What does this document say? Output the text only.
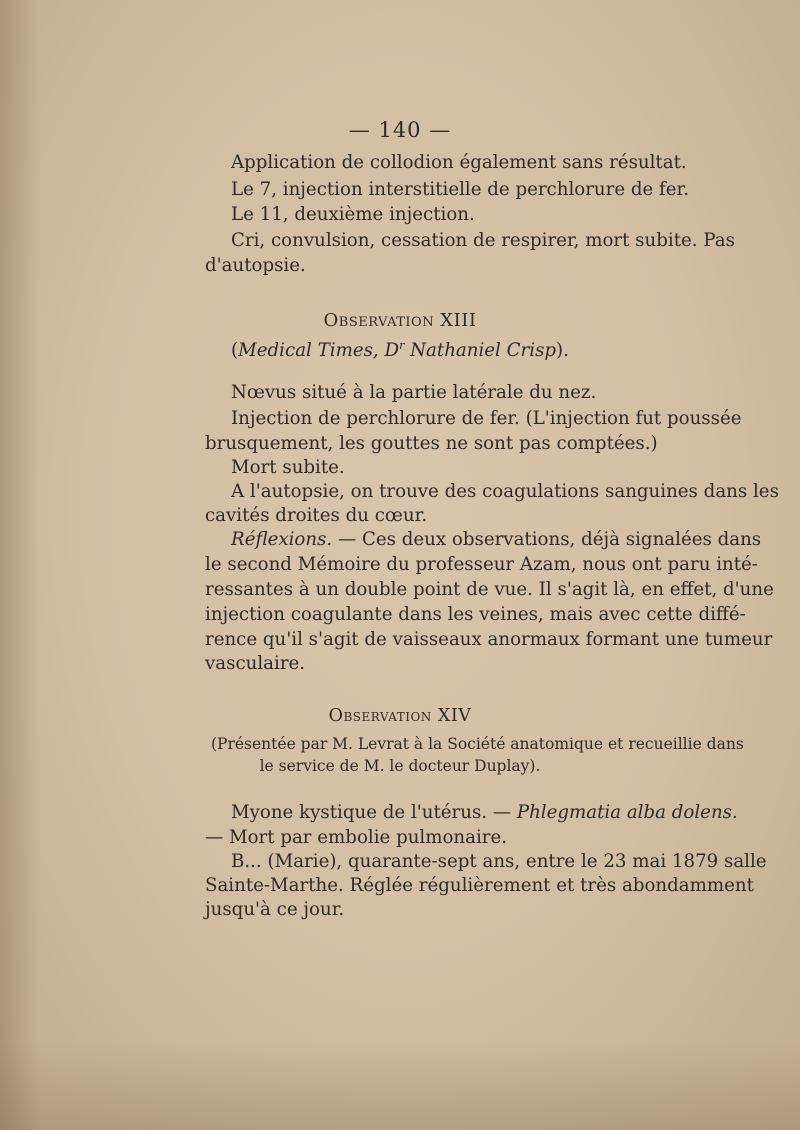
— 140 —
Application de collodion également sans résultat.
Le 7, injection interstitielle de perchlorure de fer.
Le 11, deuxième injection.
Cri, convulsion, cessation de respirer, mort subite. Pas
d'autopsie.
Observation XIII
(Medical Times, $D^r$ Nathaniel Crisp).
Nœvus situé à la partie latérale du nez.
Injection de perchlorure de fer. (L'injection fut poussée
brusquement, les gouttes ne sont pas comptées.)
Mort subite.
A l'autopsie, on trouve des coagulations sanguines dans les
cavités droites du cœur.
Réflexions. — Ces deux observations, déjà signalées dans
le second Mémoire du professeur Azam, nous ont paru inté-
ressantes à un double point de vue. Il s'agit là, en effet, d'une
injection coagulante dans les veines, mais avec cette diffé-
rence qu'il s'agit de vaisseaux anormaux formant une tumeur
vasculaire.
Observation XIV
(Présentée par M. Levrat à la Société anatomique et recueillie dans
le service de M. le docteur Duplay).
Myone kystique de l'utérus. — Phlegmatia alba dolens.
— Mort par embolie pulmonaire.
B... (Marie), quarante-sept ans, entre le 23 mai 1879 salle
Sainte-Marthe. Réglée régulièrement et très abondamment
jusqu'à ce jour.
